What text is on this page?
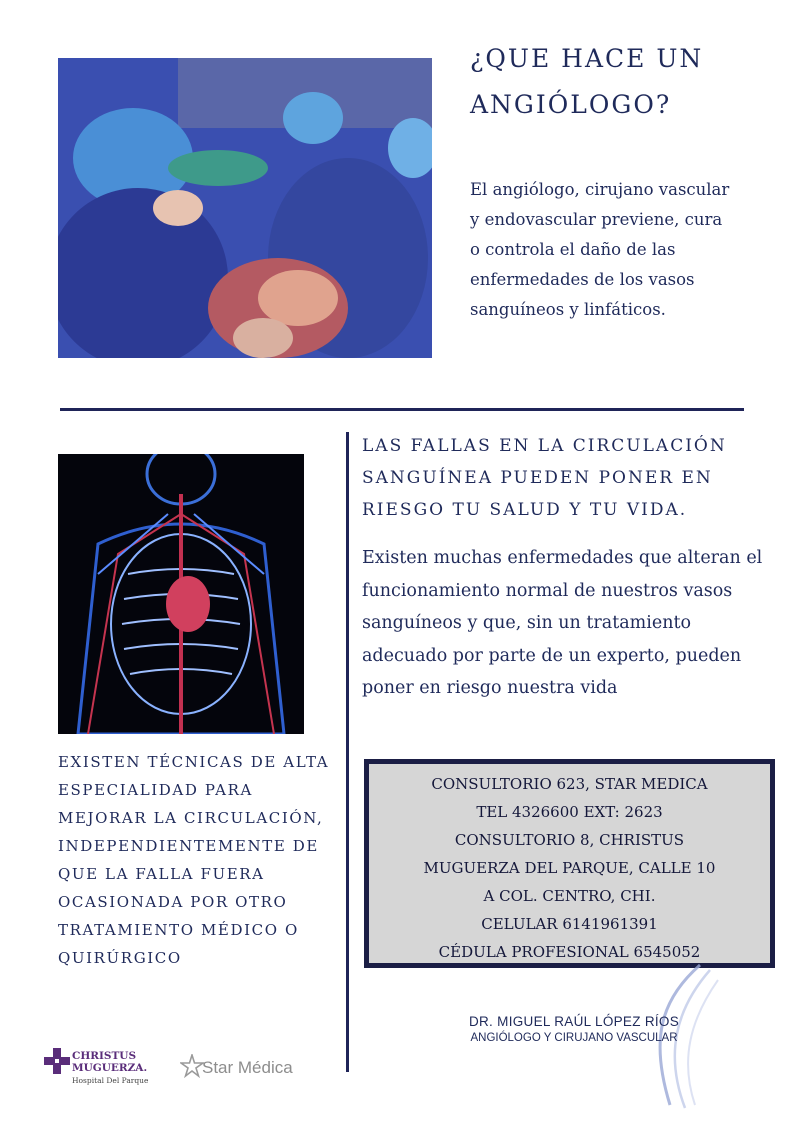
¿QUE HACE UN
ANGIÓLOGO?

El angiólogo, cirujano vascular y endovascular previene, cura o controla el daño de las enfermedades de los vasos sanguíneos y linfáticos.

EXISTEN TÉCNICAS DE ALTA ESPECIALIDAD PARA MEJORAR LA CIRCULACIÓN, INDEPENDIENTEMENTE DE QUE LA FALLA FUERA OCASIONADA POR OTRO TRATAMIENTO MÉDICO O QUIRÚRGICO

LAS FALLAS EN LA CIRCULACIÓN SANGUÍNEA PUEDEN PONER EN RIESGO TU SALUD Y TU VIDA.

Existen muchas enfermedades que alteran el funcionamiento normal de nuestros vasos sanguíneos y que, sin un tratamiento adecuado por parte de un experto, pueden poner en riesgo nuestra vida

CONSULTORIO 623, STAR MEDICA
TEL 4326600 EXT: 2623
CONSULTORIO 8, CHRISTUS
MUGUERZA DEL PARQUE, CALLE 10
A COL. CENTRO, CHI.
CELULAR 6141961391
CÉDULA PROFESIONAL 6545052
DR. MIGUEL RAÚL LÓPEZ RÍOS
ANGIÓLOGO Y CIRUJANO VASCULAR
CHRISTUS
MUGUERZA.
Hospital Del Parque
Star Médica
